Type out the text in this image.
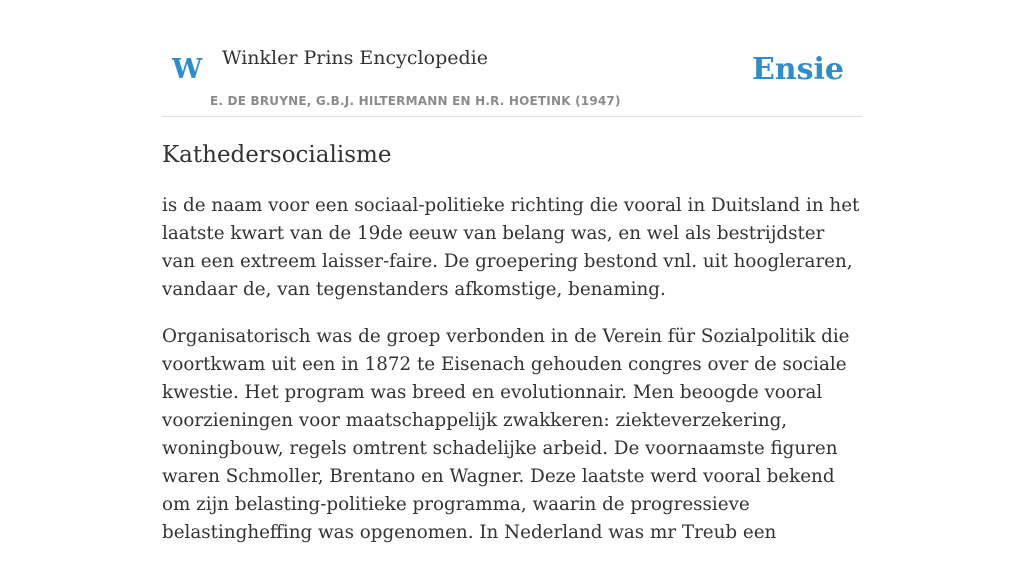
W Winkler Prins Encyclopedie
E. DE BRUYNE, G.B.J. HILTERMANN EN H.R. HOETINK (1947)
Ensie
Kathedersocialisme

is de naam voor een sociaal-politieke richting die vooral in Duitsland in het laatste kwart van de 19de eeuw van belang was, en wel als bestrijdster van een extreem laisser-faire. De groepering bestond vnl. uit hoogleraren, vandaar de, van tegenstanders afkomstige, benaming.

Organisatorisch was de groep verbonden in de Verein für Sozialpolitik die voortkwam uit een in 1872 te Eisenach gehouden congres over de sociale kwestie. Het program was breed en evolutionnair. Men beoogde vooral voorzieningen voor maatschappelijk zwakkeren: ziekteverzekering, woningbouw, regels omtrent schadelijke arbeid. De voornaamste figuren waren Schmoller, Brentano en Wagner. Deze laatste werd vooral bekend om zijn belasting-politieke programma, waarin de progressieve belastingheffing was opgenomen. In Nederland was mr Treub een
